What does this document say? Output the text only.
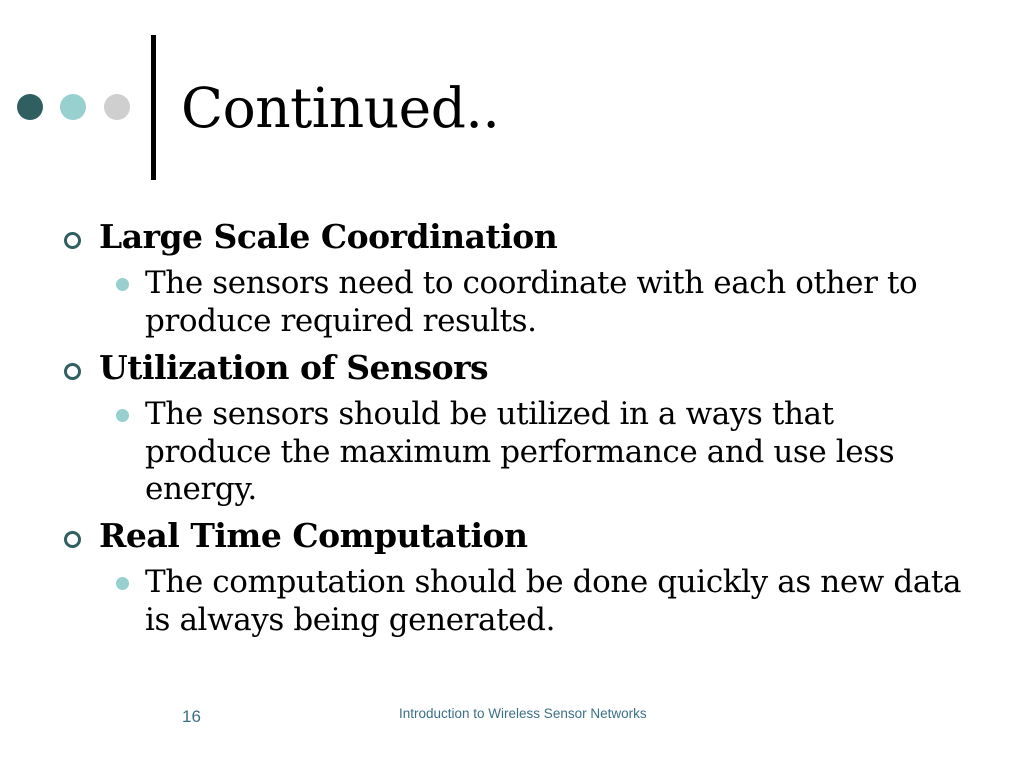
Continued..
Large Scale Coordination
The sensors need to coordinate with each other to produce required results.
Utilization of Sensors
The sensors should be utilized in a ways that produce the maximum performance and use less energy.
Real Time Computation
The computation should be done quickly as new data is always being generated.
16	Introduction to Wireless Sensor Networks
